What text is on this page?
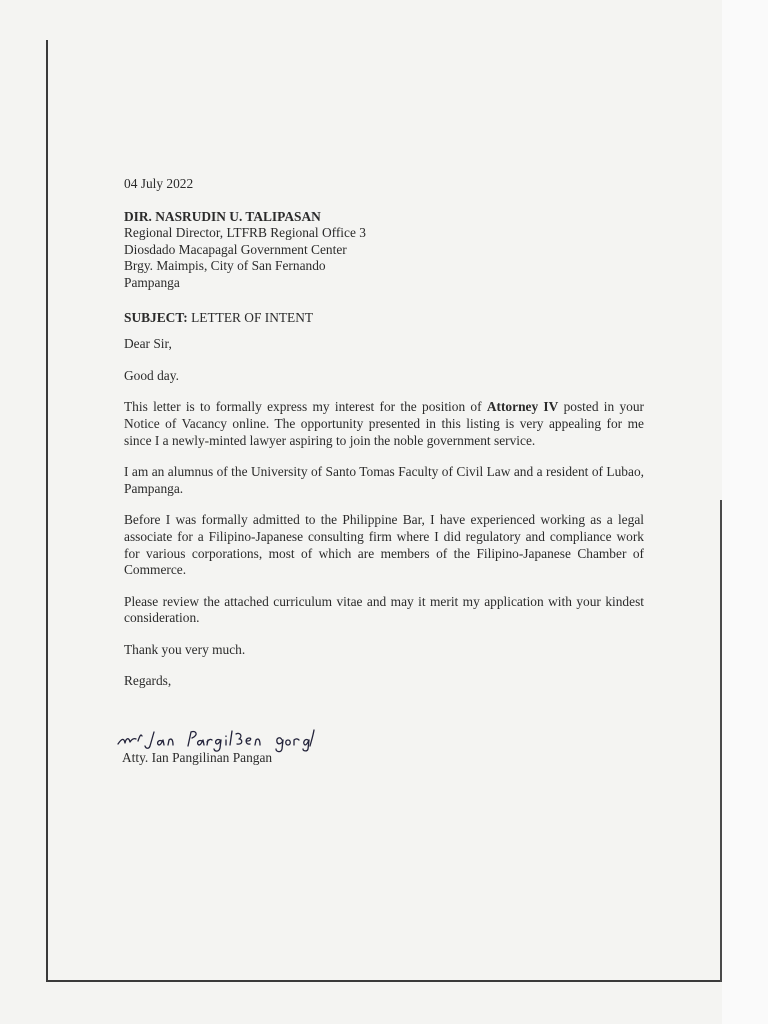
04 July 2022

DIR. NASRUDIN U. TALIPASAN

Regional Director, LTFRB Regional Office 3
Diosdado Macapagal Government Center
Brgy. Maimpis, City of San Fernando
Pampanga

SUBJECT: LETTER OF INTENT

Dear Sir,

Good day.

This letter is to formally express my interest for the position of Attorney IV posted in your Notice of Vacancy online. The opportunity presented in this listing is very appealing for me since I a newly-minted lawyer aspiring to join the noble government service.

I am an alumnus of the University of Santo Tomas Faculty of Civil Law and a resident of Lubao, Pampanga.

Before I was formally admitted to the Philippine Bar, I have experienced working as a legal associate for a Filipino-Japanese consulting firm where I did regulatory and compliance work for various corporations, most of which are members of the Filipino-Japanese Chamber of Commerce.

Please review the attached curriculum vitae and may it merit my application with your kindest consideration.

Thank you very much.

Regards,

Atty. Ian Pangilinan Pangan
